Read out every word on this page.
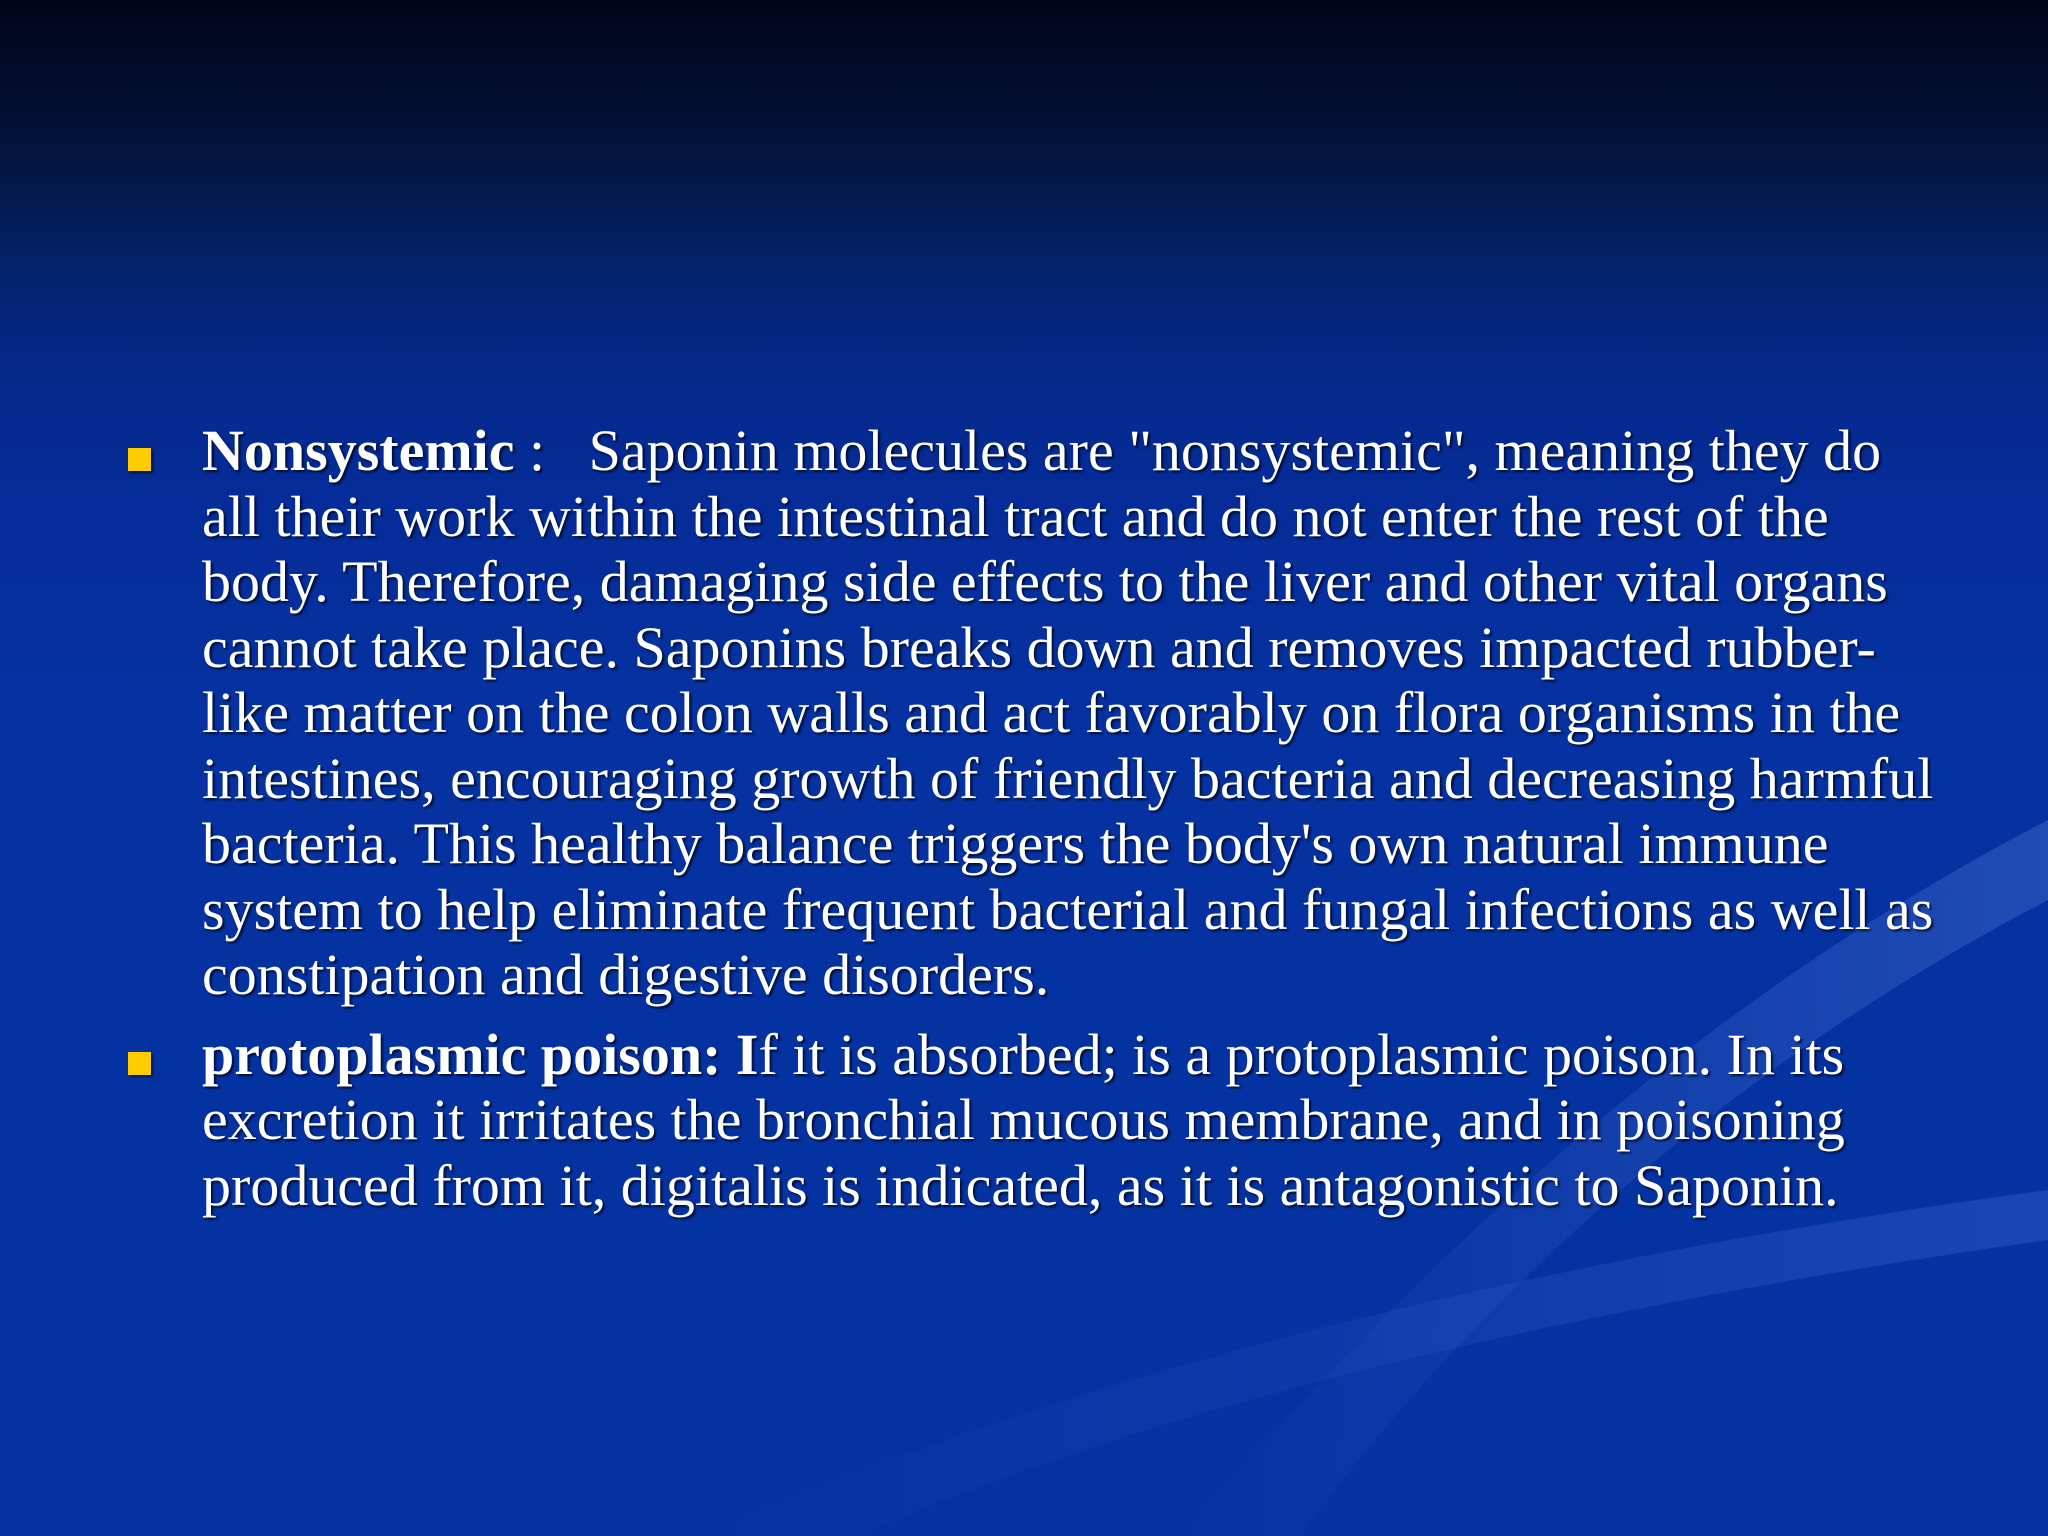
Nonsystemic :   Saponin molecules are "nonsystemic", meaning they do all their work within the intestinal tract and do not enter the rest of the body. Therefore, damaging side effects to the liver and other vital organs cannot take place. Saponins breaks down and removes impacted rubber-like matter on the colon walls and act favorably on flora organisms in the intestines, encouraging growth of friendly bacteria and decreasing harmful bacteria. This healthy balance triggers the body's own natural immune system to help eliminate frequent bacterial and fungal infections as well as constipation and digestive disorders.
protoplasmic poison: If it is absorbed; is a protoplasmic poison. In its excretion it irritates the bronchial mucous membrane, and in poisoning produced from it, digitalis is indicated, as it is antagonistic to Saponin.
